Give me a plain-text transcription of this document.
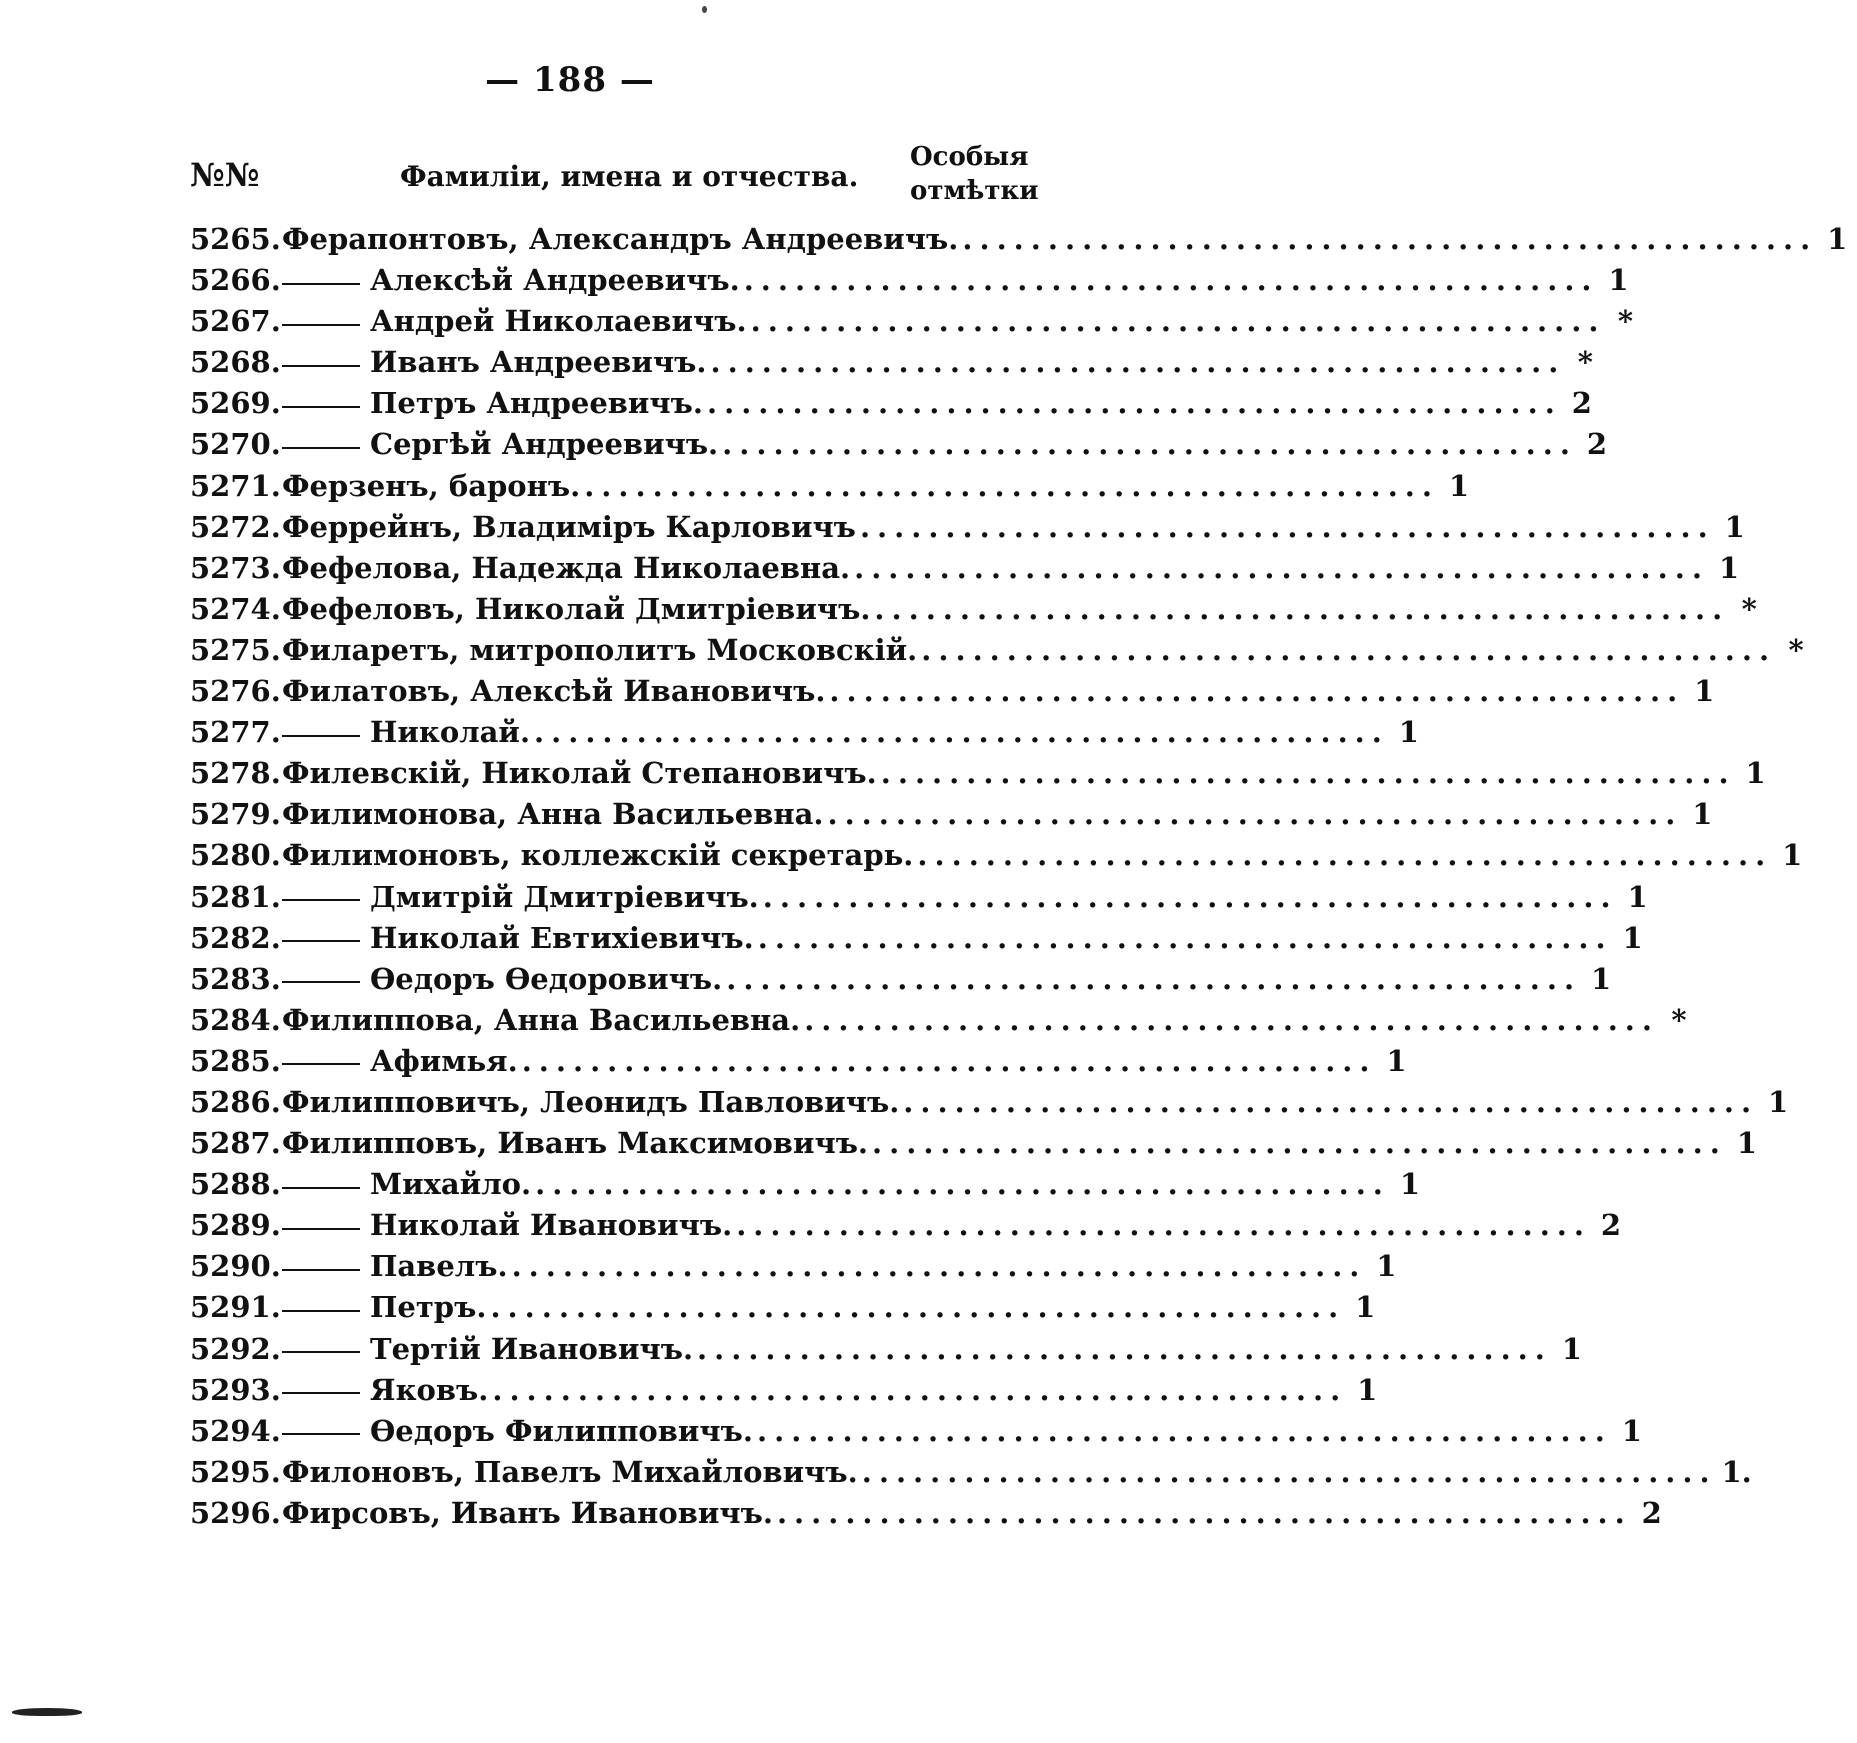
— 188 —
№№	Фамиліи, имена и отчества.
Особыя
отмѣтки
5265. Ферапонтовъ, Александръ Андреевичъ. .................................................. 1
5266.	Алексѣй Андреевичъ. .................................................. 1
5267.	Андрей Николаевичъ. .................................................. *
5268.	Иванъ Андреевичъ. .................................................. *
5269.	Петръ Андреевичъ. .................................................. 2
5270.	Сергѣй Андреевичъ. .................................................. 2
5271. Ферзенъ, баронъ. .................................................. 1
5272. Феррейнъ, Владиміръ Карловичъ .................................................. 1
5273. Фефелова, Надежда Николаевна. .................................................. 1
5274. Фефеловъ, Николай Дмитріевичъ. .................................................. *
5275. Филаретъ, митрополитъ Московскій. .................................................. *
5276. Филатовъ, Алексѣй Ивановичъ. .................................................. 1
5277.	Николай. .................................................. 1
5278. Филевскій, Николай Степановичъ. .................................................. 1
5279. Филимонова, Анна Васильевна. .................................................. 1
5280. Филимоновъ, коллежскій секретарь. .................................................. 1
5281.	Дмитрій Дмитріевичъ. .................................................. 1
5282.	Николай Евтихіевичъ. .................................................. 1
5283.	Өедоръ Өедоровичъ. .................................................. 1
5284. Филиппова, Анна Васильевна. .................................................. *
5285.	Афимья. .................................................. 1
5286. Филипповичъ, Леонидъ Павловичъ. .................................................. 1
5287. Филипповъ, Иванъ Максимовичъ. .................................................. 1
5288.	Михайло. .................................................. 1
5289.	Николай Ивановичъ. .................................................. 2
5290.	Павелъ. .................................................. 1
5291.	Петръ. .................................................. 1
5292.	Тертій Ивановичъ. .................................................. 1
5293.	Яковъ. .................................................. 1
5294.	Өедоръ Филипповичъ. .................................................. 1
5295. Филоновъ, Павелъ Михайловичъ. .................................................. 1.
5296. Фирсовъ, Иванъ Ивановичъ. .................................................. 2
